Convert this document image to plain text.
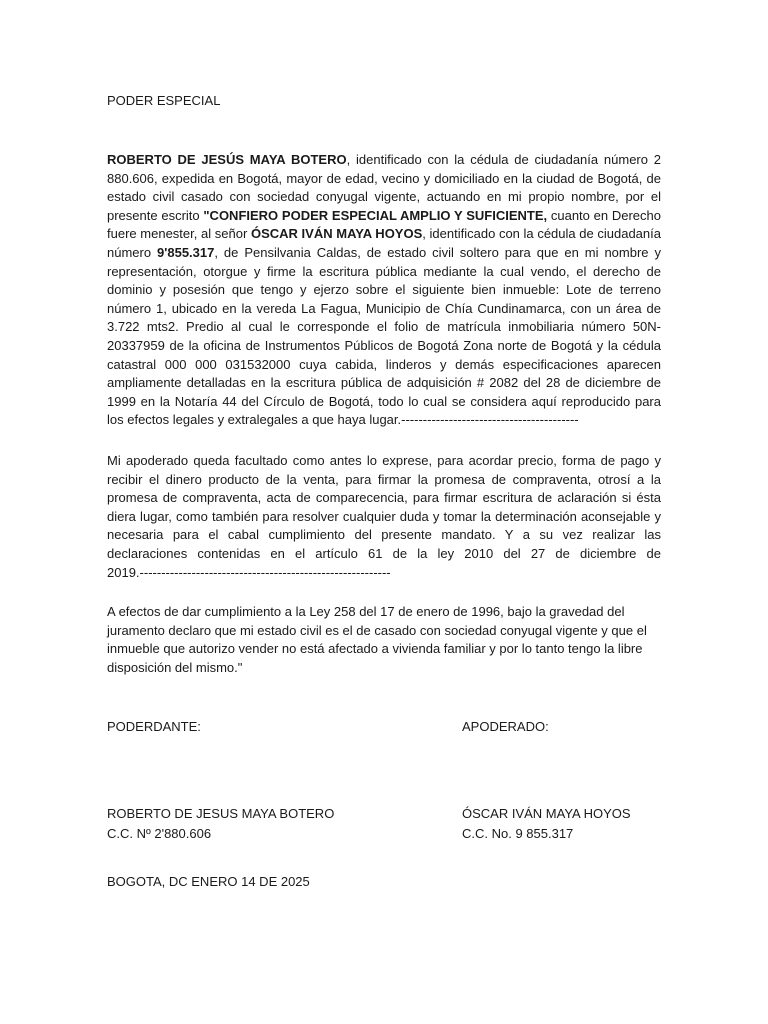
PODER ESPECIAL
ROBERTO DE JESÚS MAYA BOTERO, identificado con la cédula de ciudadanía número 2 880.606, expedida en Bogotá, mayor de edad, vecino y domiciliado en la ciudad de Bogotá, de estado civil casado con sociedad conyugal vigente, actuando en mi propio nombre, por el presente escrito "CONFIERO PODER ESPECIAL AMPLIO Y SUFICIENTE, cuanto en Derecho fuere menester, al señor ÓSCAR IVÁN MAYA HOYOS, identificado con la cédula de ciudadanía número 9'855.317, de Pensilvania Caldas, de estado civil soltero para que en mi nombre y representación, otorgue y firme la escritura pública mediante la cual vendo, el derecho de dominio y posesión que tengo y ejerzo sobre el siguiente bien inmueble: Lote de terreno número 1, ubicado en la vereda La Fagua, Municipio de Chía Cundinamarca, con un área de 3.722 mts2. Predio al cual le corresponde el folio de matrícula inmobiliaria número 50N-20337959 de la oficina de Instrumentos Públicos de Bogotá Zona norte de Bogotá y la cédula catastral 000 000 031532000 cuya cabida, linderos y demás especificaciones aparecen ampliamente detalladas en la escritura pública de adquisición # 2082 del 28 de diciembre de 1999 en la Notaría 44 del Círculo de Bogotá, todo lo cual se considera aquí reproducido para los efectos legales y extralegales a que haya lugar.-----------------------------------------
Mi apoderado queda facultado como antes lo exprese, para acordar precio, forma de pago y recibir el dinero producto de la venta, para firmar la promesa de compraventa, otrosí a la promesa de compraventa, acta de comparecencia, para firmar escritura de aclaración si ésta diera lugar, como también para resolver cualquier duda y tomar la determinación aconsejable y necesaria para el cabal cumplimiento del presente mandato. Y a su vez realizar las declaraciones contenidas en el artículo 61 de la ley 2010 del 27 de diciembre de 2019.----------------------------------------------------------
A efectos de dar cumplimiento a la Ley 258 del 17 de enero de 1996, bajo la gravedad del juramento declaro que mi estado civil es el de casado con sociedad conyugal vigente y que el inmueble que autorizo vender no está afectado a vivienda familiar y por lo tanto tengo la libre disposición del mismo."
PODERDANTE:	APODERADO:
ROBERTO DE JESUS MAYA BOTERO
C.C. Nº 2'880.606
ÓSCAR IVÁN MAYA HOYOS
C.C. No. 9 855.317
BOGOTA, DC ENERO 14 DE 2025
